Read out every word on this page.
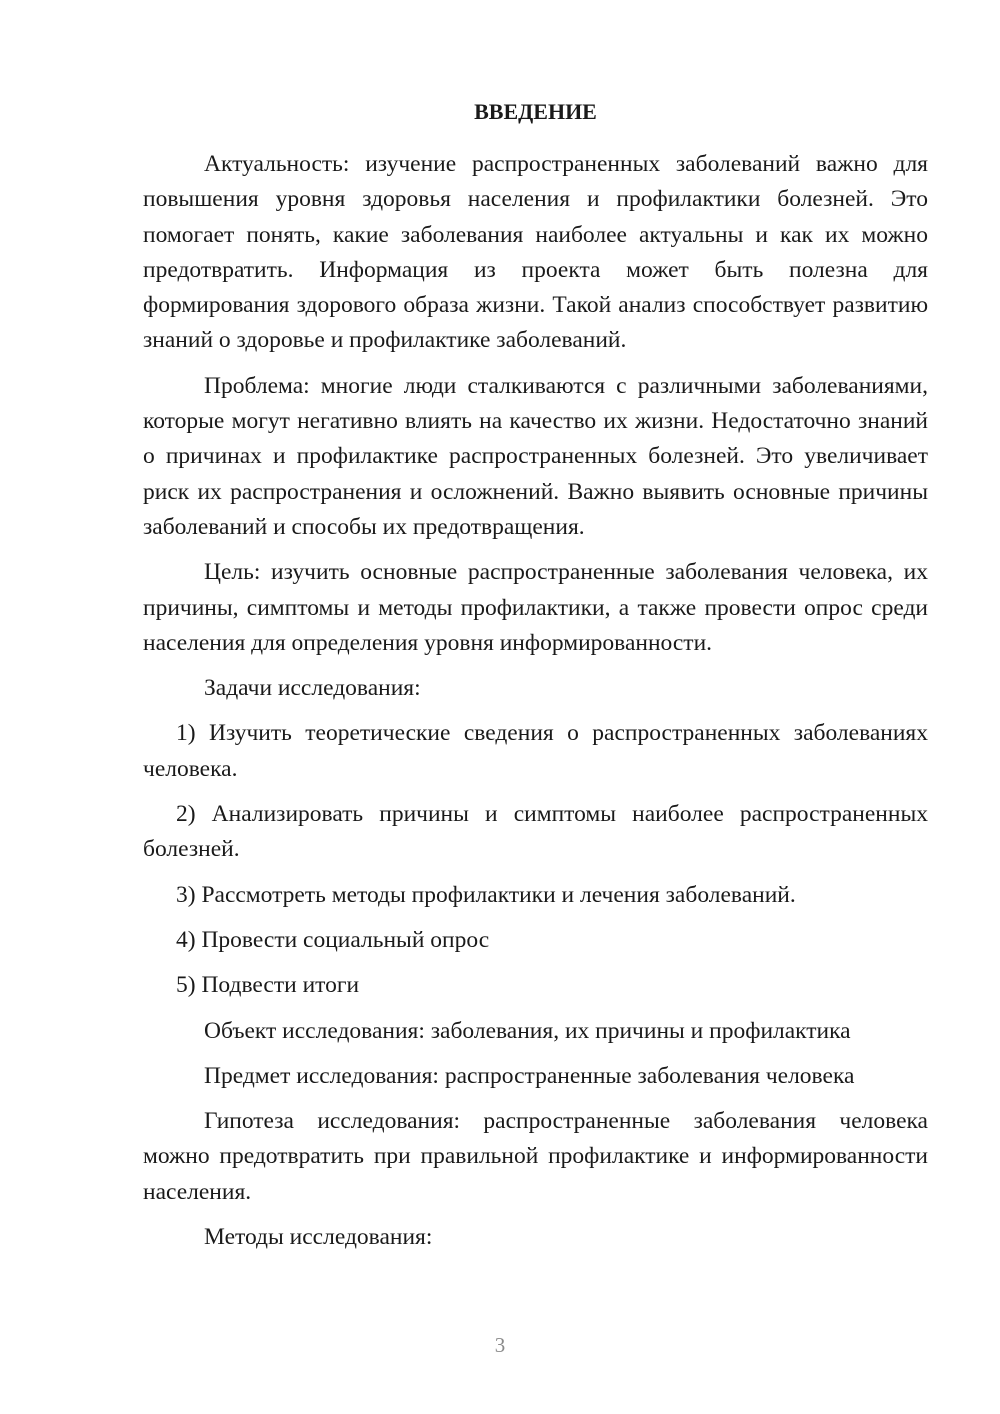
ВВЕДЕНИЕ

Актуальность: изучение распространенных заболеваний важно для повышения уровня здоровья населения и профилактики болезней. Это помогает понять, какие заболевания наиболее актуальны и как их можно предотвратить. Информация из проекта может быть полезна для формирования здорового образа жизни. Такой анализ способствует развитию знаний о здоровье и профилактике заболеваний.

Проблема: многие люди сталкиваются с различными заболеваниями, которые могут негативно влиять на качество их жизни. Недостаточно знаний о причинах и профилактике распространенных болезней. Это увеличивает риск их распространения и осложнений. Важно выявить основные причины заболеваний и способы их предотвращения.

Цель: изучить основные распространенные заболевания человека, их причины, симптомы и методы профилактики, а также провести опрос среди населения для определения уровня информированности.

Задачи исследования:

1) Изучить теоретические сведения о распространенных заболеваниях человека.

2) Анализировать причины и симптомы наиболее распространенных болезней.

3) Рассмотреть методы профилактики и лечения заболеваний.

4) Провести социальный опрос

5) Подвести итоги

Объект исследования: заболевания, их причины и профилактика

Предмет исследования: распространенные заболевания человека

Гипотеза исследования: распространенные заболевания человека можно предотвратить при правильной профилактике и информированности населения.

Методы исследования:

3
